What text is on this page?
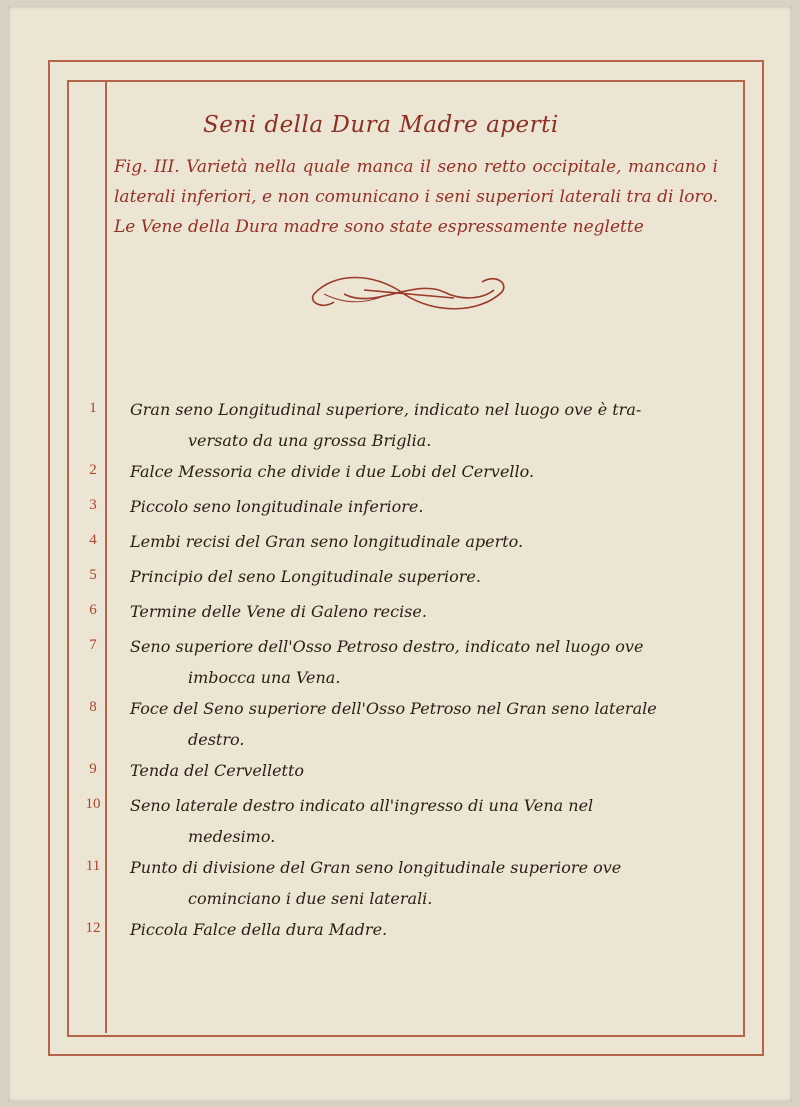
Seni della Dura Madre aperti
Fig. III. Varietà nella quale manca il seno retto occipitale, mancano i laterali inferiori, e non comunicano i seni superiori laterali tra di loro. Le Vene della Dura madre sono state espressamente neglette
1	Gran seno Longitudinal superiore, indicato nel luogo ove è tra-
versato da una grossa Briglia.
2	Falce Messoria che divide i due Lobi del Cervello.
3	Piccolo seno longitudinale inferiore.
4	Lembi recisi del Gran seno longitudinale aperto.
5	Principio del seno Longitudinale superiore.
6	Termine delle Vene di Galeno recise.
7	Seno superiore dell'Osso Petroso destro, indicato nel luogo ove
imbocca una Vena.
8	Foce del Seno superiore dell'Osso Petroso nel Gran seno laterale
destro.
9	Tenda del Cervelletto
10	Seno laterale destro indicato all'ingresso di una Vena nel
medesimo.
11	Punto di divisione del Gran seno longitudinale superiore ove
cominciano i due seni laterali.
12	Piccola Falce della dura Madre.
